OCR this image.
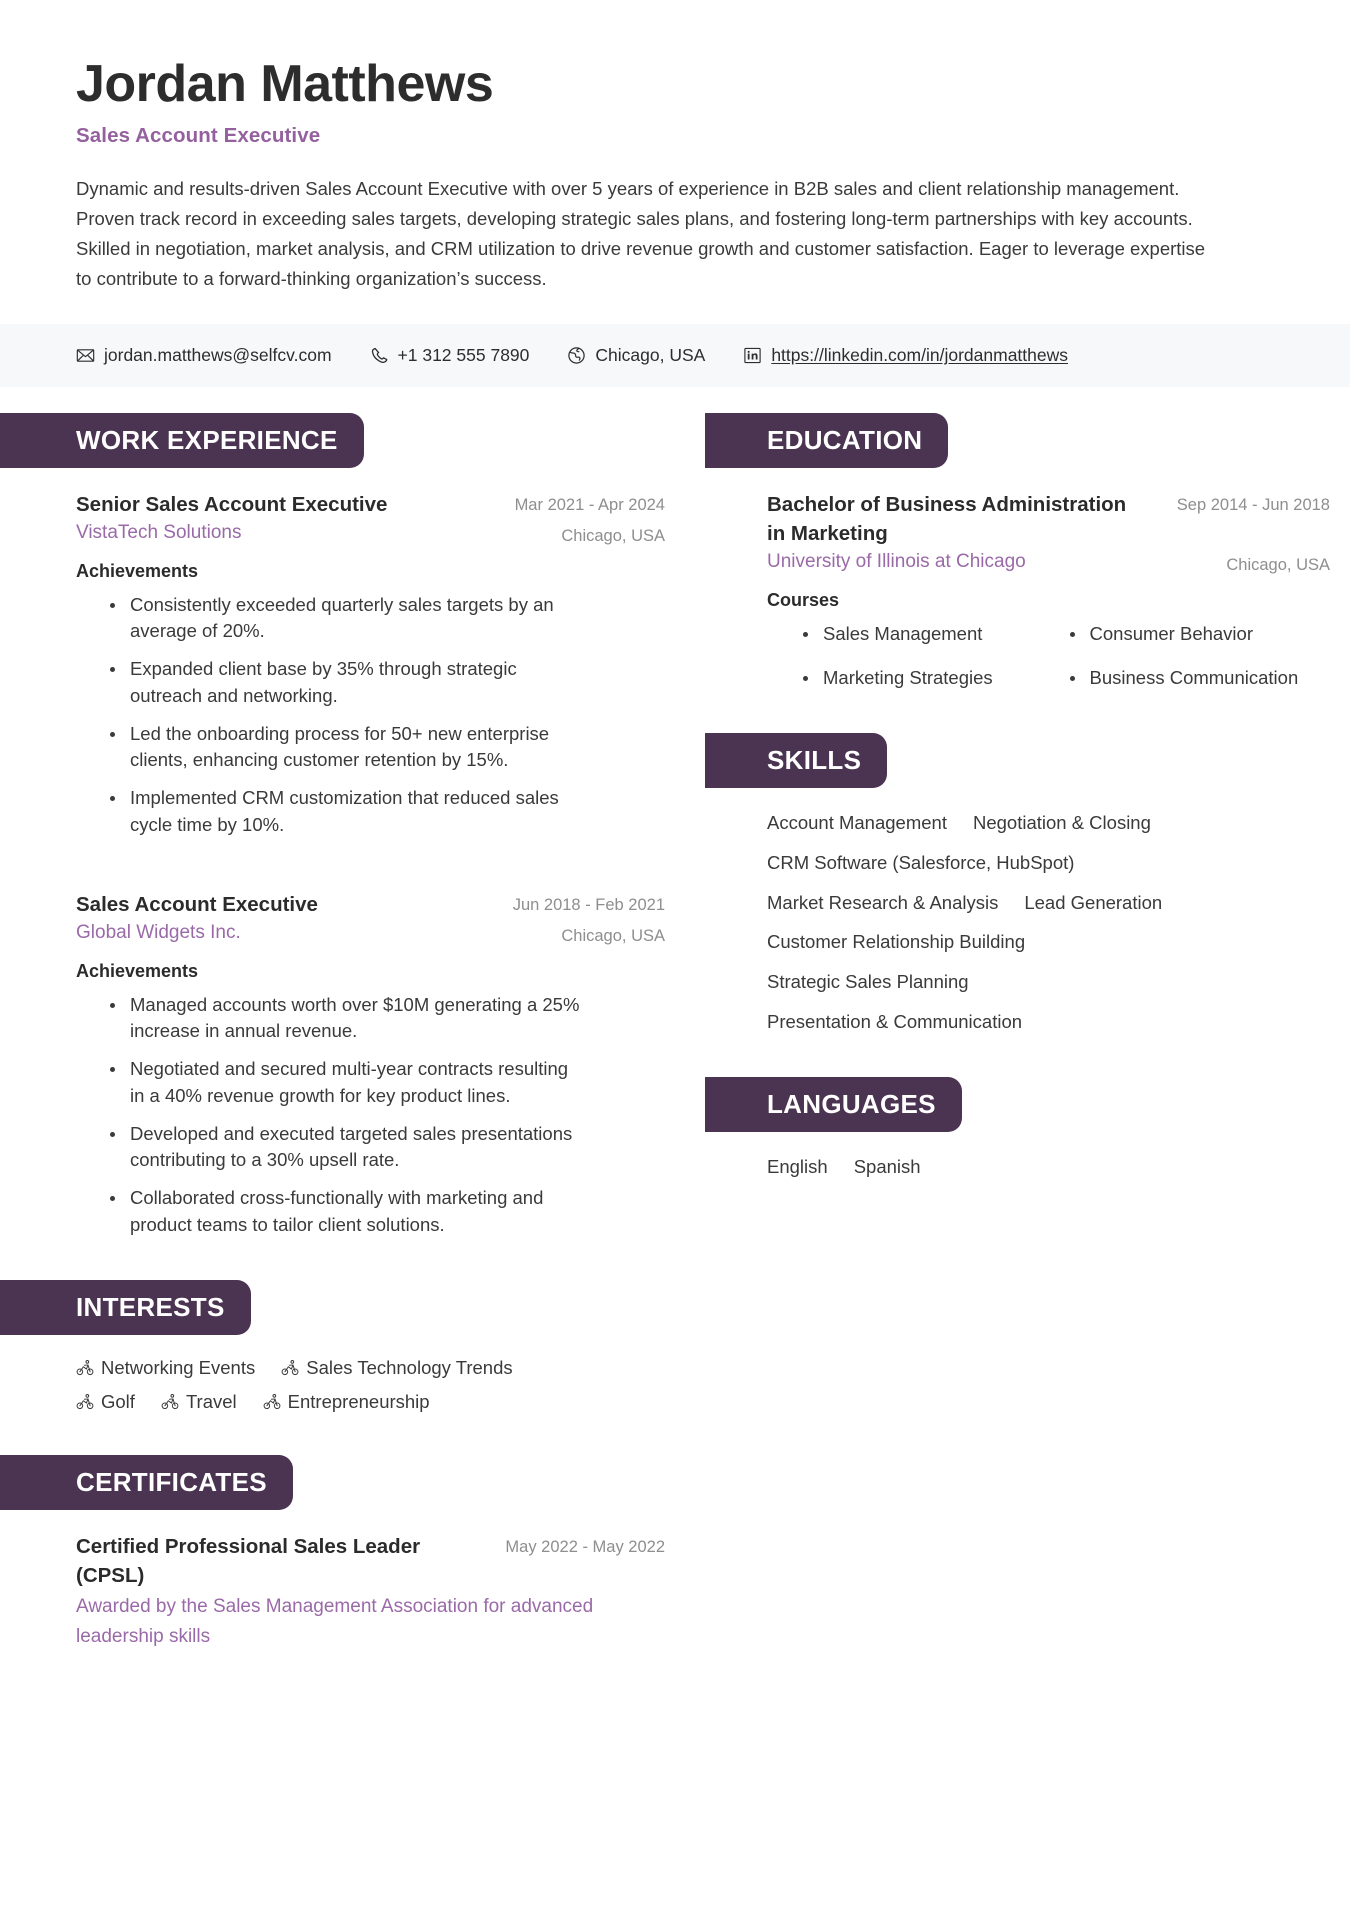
Jordan Matthews
Sales Account Executive
Dynamic and results-driven Sales Account Executive with over 5 years of experience in B2B sales and client relationship management. Proven track record in exceeding sales targets, developing strategic sales plans, and fostering long-term partnerships with key accounts. Skilled in negotiation, market analysis, and CRM utilization to drive revenue growth and customer satisfaction. Eager to leverage expertise to contribute to a forward-thinking organization’s success.
jordan.matthews@selfcv.com	+1 312 555 7890	Chicago, USA	https://linkedin.com/in/jordanmatthews
WORK EXPERIENCE
Senior Sales Account Executive	Mar 2021 - Apr 2024
VistaTech Solutions	Chicago, USA
Achievements
Consistently exceeded quarterly sales targets by an average of 20%.
Expanded client base by 35% through strategic outreach and networking.
Led the onboarding process for 50+ new enterprise clients, enhancing customer retention by 15%.
Implemented CRM customization that reduced sales cycle time by 10%.
Sales Account Executive	Jun 2018 - Feb 2021
Global Widgets Inc.	Chicago, USA
Achievements
Managed accounts worth over $10M generating a 25% increase in annual revenue.
Negotiated and secured multi-year contracts resulting in a 40% revenue growth for key product lines.
Developed and executed targeted sales presentations contributing to a 30% upsell rate.
Collaborated cross-functionally with marketing and product teams to tailor client solutions.
INTERESTS
Networking Events	Sales Technology Trends
Golf	Travel	Entrepreneurship
CERTIFICATES
Certified Professional Sales Leader (CPSL)
May 2022 - May 2022
Awarded by the Sales Management Association for advanced leadership skills
EDUCATION
Bachelor of Business Administration in Marketing
Sep 2014 - Jun 2018
University of Illinois at Chicago	Chicago, USA
Courses
Sales Management	Consumer Behavior
Marketing Strategies	Business Communication
SKILLS
Account Management Negotiation & Closing
CRM Software (Salesforce, HubSpot)
Market Research & Analysis Lead Generation
Customer Relationship Building
Strategic Sales Planning
Presentation & Communication
LANGUAGES
English Spanish
